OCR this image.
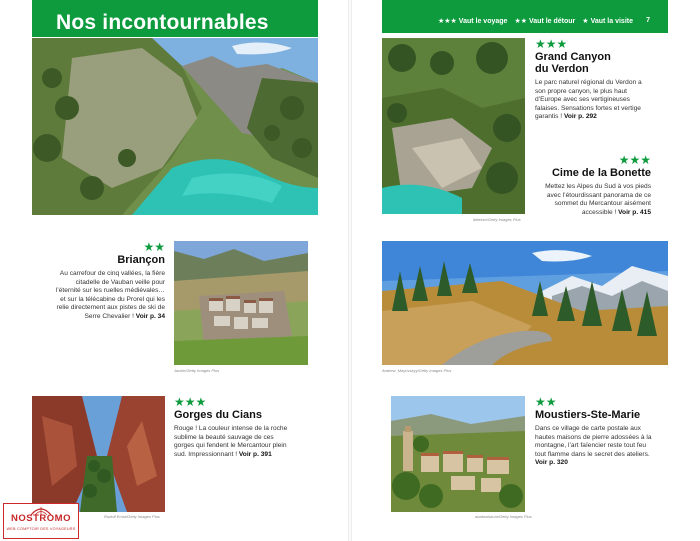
Nos incontournables	★★★ Vaut le voyage ★★ Vaut le détour ★ Vaut la visite 7
ibiteezo/Getty Images Plus
★★★
Grand Canyon
du Verdon

Le parc naturel régional du Verdon a son propre canyon, le plus haut d’Europe avec ses vertigineuses falaises. Sensations fortes et vertige garantis ! Voir p. 292

★★★
Cime de la Bonette

Mettez les Alpes du Sud à vos pieds avec l’étourdissant panorama de ce sommet du Mercantour aisément accessible ! Voir p. 415

★★
Briançon

Au carrefour de cinq vallées, la fière citadelle de Vauban veille pour l’éternité sur les ruelles médiévales… et sur la télécabine du Prorel qui les relie directement aux pistes de ski de Serre Chevalier ! Voir p. 34

Jackin/Getty Images Plus	Andrew_Mayovskyy/Getty Images Plus
Rudolf Ernst/Getty Images Plus
★★★
Gorges du Cians

Rouge ! La couleur intense de la roche sublime la beauté sauvage de ces gorges qui fendent le Mercantour plein sud. Impressionnant ! Voir p. 391

ababsolutum/Getty Images Plus
★★
Moustiers-Ste-Marie

Dans ce village de carte postale aux hautes maisons de pierre adossées à la montagne, l’art faïencier reste tout feu tout flamme dans le secret des ateliers. Voir p. 320

NOSTROMO
WEB COMPTOIR DES VOYAGEURS
